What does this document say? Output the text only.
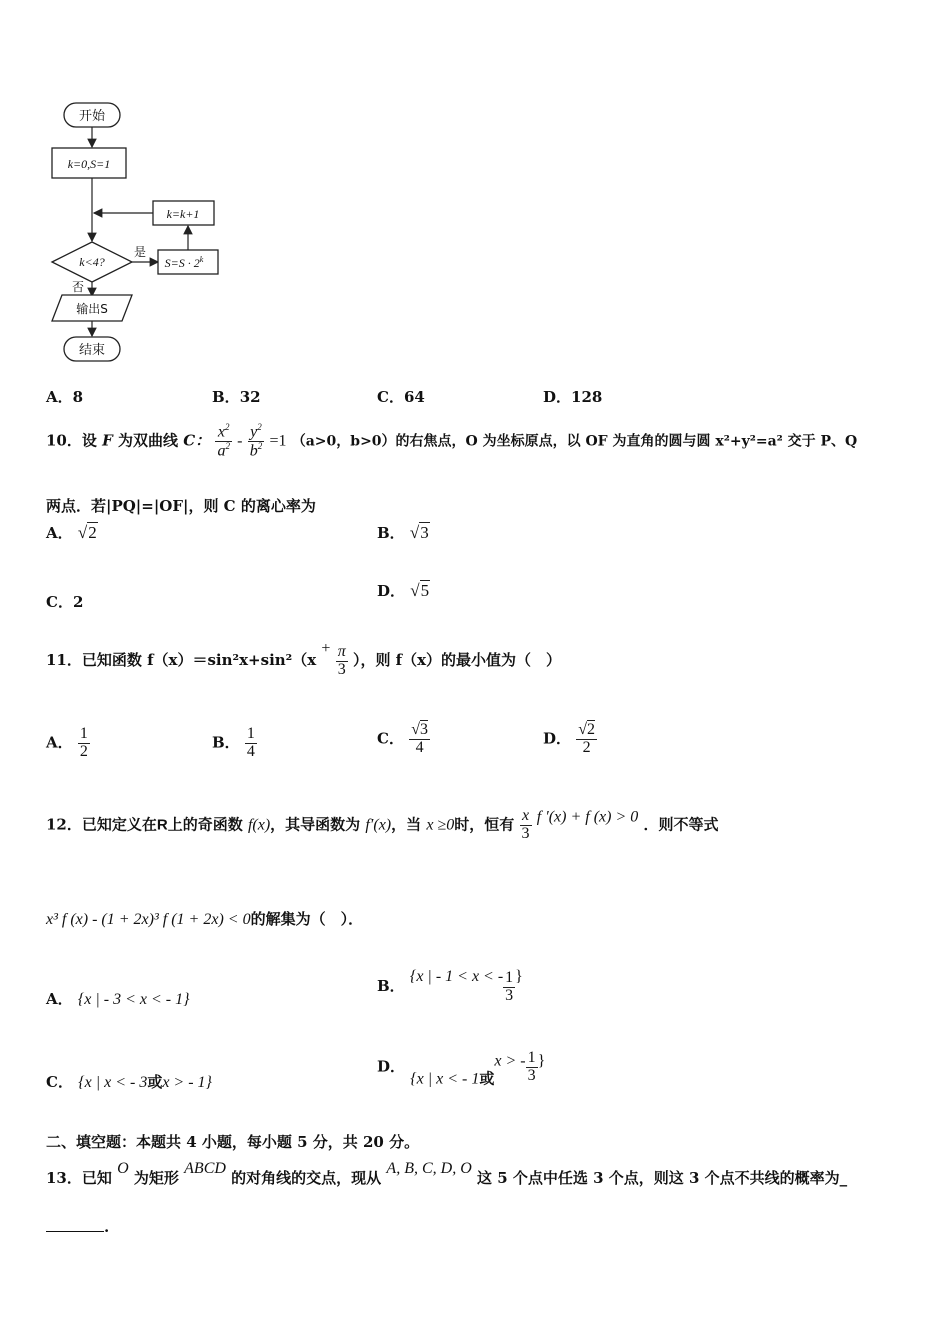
开始
k=0,S=1
k=k+1
k<4?
是
$S=S \cdot 2^k$
否
输出S
结束
A．8	B．32	C．64	D．128
10．设 F 为双曲线 C： $\frac{x^2}{a^2} - \frac{y^2}{b^2} =1$ （a>0，b>0）的右焦点，O 为坐标原点，以 OF 为直角的圆与圆 x²+y²=a² 交于 P、Q
两点．若|PQ|=|OF|，则 C 的离心率为
A． √2	B． √3
C．2
D． √5
11．已知函数 $f(x)=\sin^2x+\sin^2(x + \frac{\pi}{3}$ ），则 f（x）的最小值为（　）
A． $\frac{1}{2}$	B． $\frac{1}{4}$	C． $\frac{√3}{4}$	D． $\frac{√2}{2}$
12．已知定义在R上的奇函数 f(x)，其导函数为 f′(x)，当 x ≥0时，恒有 $\frac{x}{3}$ f ′(x) + f (x) > 0 ．则不等式
x³ f (x) - (1 + 2x)³ f (1 + 2x) < 0的解集为（　）．
A． {x | - 3 < x < - 1}
B． {x | - 1 < x < - $\frac{1}{3}$ }
C． {x | x < - 3或x > - 1}
D． {x | x < - 1或x > - $\frac{1}{3}$ }
二、填空题：本题共 4 小题，每小题 5 分，共 20 分。
13．已知 O 为矩形 ABCD 的对角线的交点，现从 A, B, C, D, O 这 5 个点中任选 3 个点，则这 3 个点不共线的概率为_
.
